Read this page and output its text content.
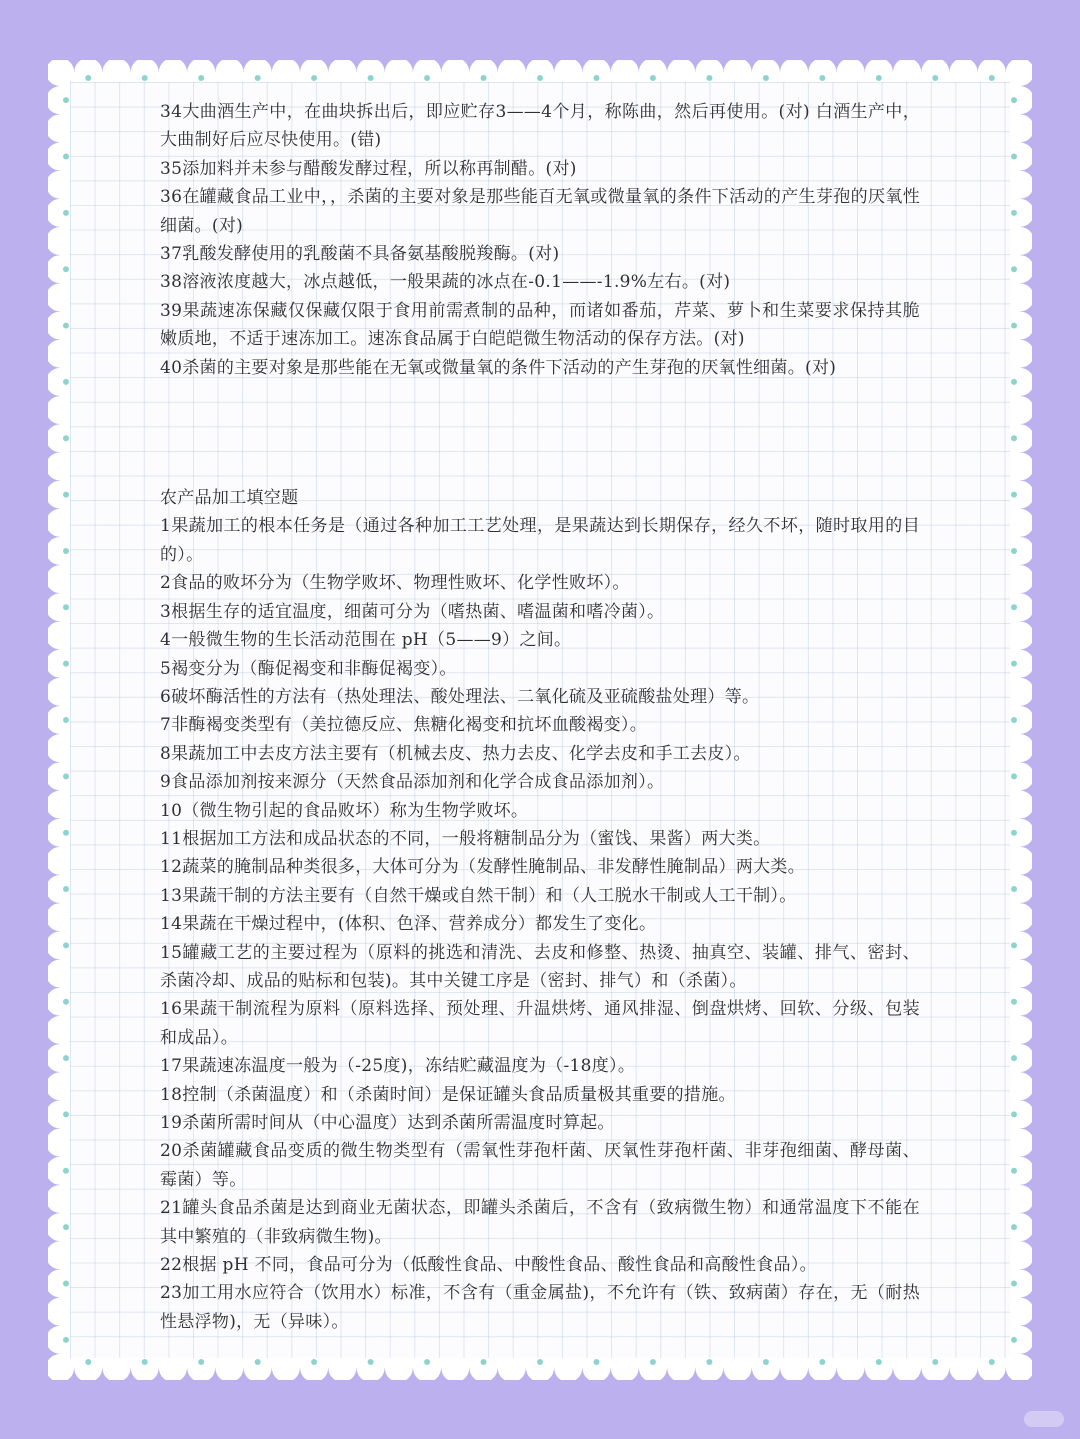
34大曲酒生产中，在曲块拆出后，即应贮存3——4个月，称陈曲，然后再使用。(对) 白酒生产中，大曲制好后应尽快使用。(错)

35添加料并未参与醋酸发酵过程，所以称再制醋。(对)

36在罐藏食品工业中，，杀菌的主要对象是那些能百无氧或微量氧的条件下活动的产生芽孢的厌氧性细菌。(对)

37乳酸发酵使用的乳酸菌不具备氨基酸脱羧酶。(对)

38溶液浓度越大，冰点越低，一般果蔬的冰点在-0.1——-1.9%左右。(对)

39果蔬速冻保藏仅保藏仅限于食用前需煮制的品种，而诸如番茄，芹菜、萝卜和生菜要求保持其脆嫩质地，不适于速冻加工。速冻食品属于白皑皑微生物活动的保存方法。(对)

40杀菌的主要对象是那些能在无氧或微量氧的条件下活动的产生芽孢的厌氧性细菌。(对)

农产品加工填空题

1果蔬加工的根本任务是（通过各种加工工艺处理，是果蔬达到长期保存，经久不坏，随时取用的目的）。

2食品的败坏分为（生物学败坏、物理性败坏、化学性败坏）。

3根据生存的适宜温度，细菌可分为（嗜热菌、嗜温菌和嗜冷菌）。

4一般微生物的生长活动范围在 pH（5——9）之间。

5褐变分为（酶促褐变和非酶促褐变）。

6破坏酶活性的方法有（热处理法、酸处理法、二氧化硫及亚硫酸盐处理）等。

7非酶褐变类型有（美拉德反应、焦糖化褐变和抗坏血酸褐变）。

8果蔬加工中去皮方法主要有（机械去皮、热力去皮、化学去皮和手工去皮）。

9食品添加剂按来源分（天然食品添加剂和化学合成食品添加剂）。

10（微生物引起的食品败坏）称为生物学败坏。

11根据加工方法和成品状态的不同，一般将糖制品分为（蜜饯、果酱）两大类。

12蔬菜的腌制品种类很多，大体可分为（发酵性腌制品、非发酵性腌制品）两大类。

13果蔬干制的方法主要有（自然干燥或自然干制）和（人工脱水干制或人工干制）。

14果蔬在干燥过程中，(体积、色泽、营养成分）都发生了变化。

15罐藏工艺的主要过程为（原料的挑选和清洗、去皮和修整、热烫、抽真空、装罐、排气、密封、杀菌冷却、成品的贴标和包装)。其中关键工序是（密封、排气）和（杀菌）。

16果蔬干制流程为原料（原料选择、预处理、升温烘烤、通风排湿、倒盘烘烤、回软、分级、包装和成品）。

17果蔬速冻温度一般为（-25度)，冻结贮藏温度为（-18度）。

18控制（杀菌温度）和（杀菌时间）是保证罐头食品质量极其重要的措施。

19杀菌所需时间从（中心温度）达到杀菌所需温度时算起。

20杀菌罐藏食品变质的微生物类型有（需氧性芽孢杆菌、厌氧性芽孢杆菌、非芽孢细菌、酵母菌、霉菌）等。

21罐头食品杀菌是达到商业无菌状态，即罐头杀菌后，不含有（致病微生物）和通常温度下不能在其中繁殖的（非致病微生物)。

22根据 pH 不同，食品可分为（低酸性食品、中酸性食品、酸性食品和高酸性食品）。

23加工用水应符合（饮用水）标准，不含有（重金属盐)，不允许有（铁、致病菌）存在，无（耐热性悬浮物)，无（异味）。
